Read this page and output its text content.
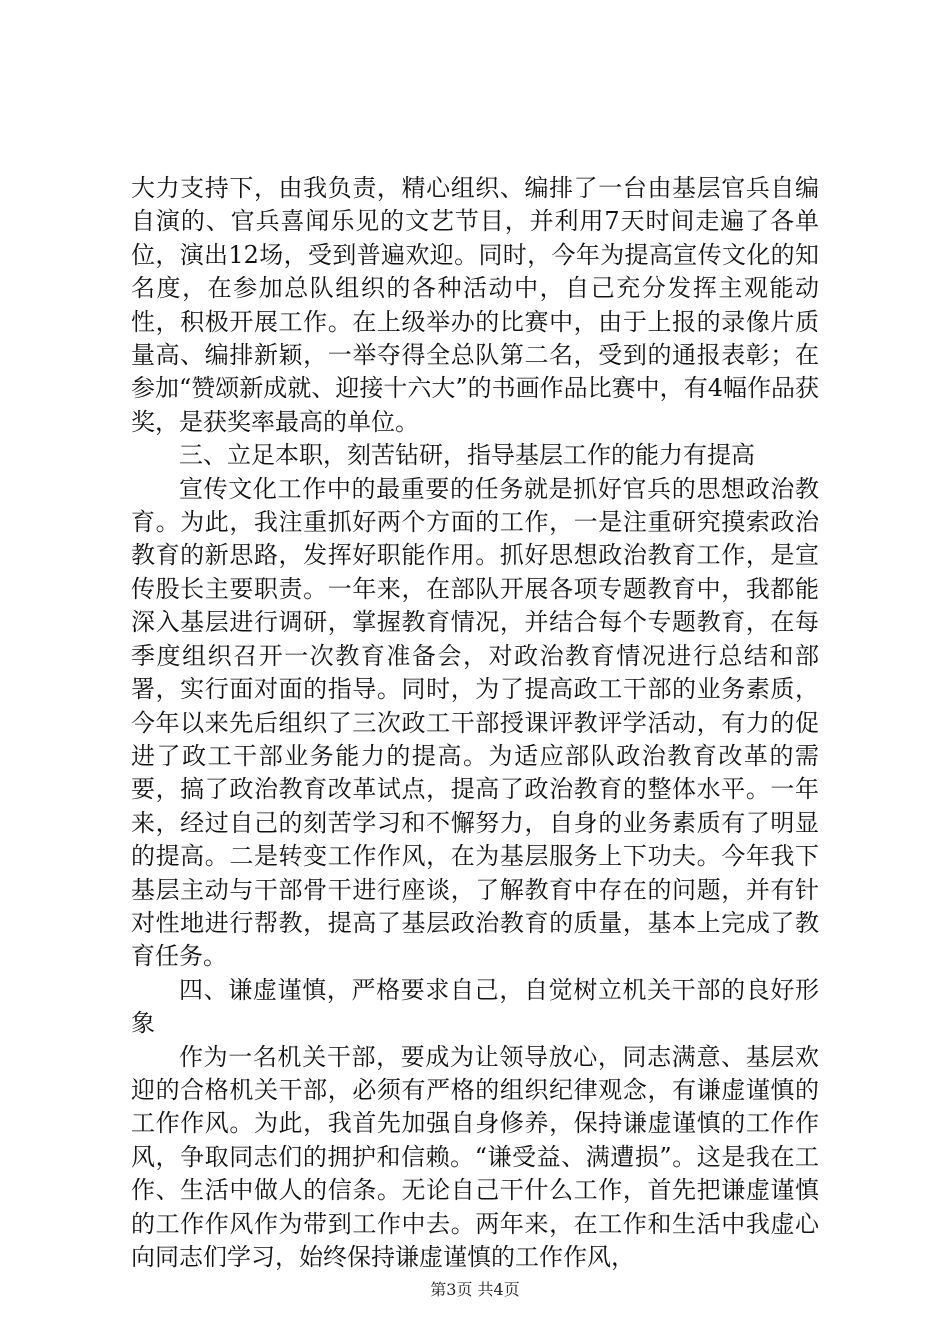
大力支持下，由我负责，精心组织、编排了一台由基层官兵自编自演的、官兵喜闻乐见的文艺节目，并利用7天时间走遍了各单位，演出12场，受到普遍欢迎。同时，今年为提高宣传文化的知名度，在参加总队组织的各种活动中，自己充分发挥主观能动性，积极开展工作。在上级举办的比赛中，由于上报的录像片质量高、编排新颖，一举夺得全总队第二名，受到的通报表彰；在参加“赞颂新成就、迎接十六大”的书画作品比赛中，有4幅作品获奖，是获奖率最高的单位。

三、立足本职，刻苦钻研，指导基层工作的能力有提高

宣传文化工作中的最重要的任务就是抓好官兵的思想政治教育。为此，我注重抓好两个方面的工作，一是注重研究摸索政治教育的新思路，发挥好职能作用。抓好思想政治教育工作，是宣传股长主要职责。一年来，在部队开展各项专题教育中，我都能深入基层进行调研，掌握教育情况，并结合每个专题教育，在每季度组织召开一次教育准备会，对政治教育情况进行总结和部署，实行面对面的指导。同时，为了提高政工干部的业务素质，今年以来先后组织了三次政工干部授课评教评学活动，有力的促进了政工干部业务能力的提高。为适应部队政治教育改革的需要，搞了政治教育改革试点，提高了政治教育的整体水平。一年来，经过自己的刻苦学习和不懈努力，自身的业务素质有了明显的提高。二是转变工作作风，在为基层服务上下功夫。今年我下基层主动与干部骨干进行座谈，了解教育中存在的问题，并有针对性地进行帮教，提高了基层政治教育的质量，基本上完成了教育任务。

四、谦虚谨慎，严格要求自己，自觉树立机关干部的良好形象

作为一名机关干部，要成为让领导放心，同志满意、基层欢迎的合格机关干部，必须有严格的组织纪律观念，有谦虚谨慎的工作作风。为此，我首先加强自身修养，保持谦虚谨慎的工作作风，争取同志们的拥护和信赖。“谦受益、满遭损”。这是我在工作、生活中做人的信条。无论自己干什么工作，首先把谦虚谨慎的工作作风作为带到工作中去。两年来，在工作和生活中我虚心向同志们学习，始终保持谦虚谨慎的工作作风，

第3页 共4页
